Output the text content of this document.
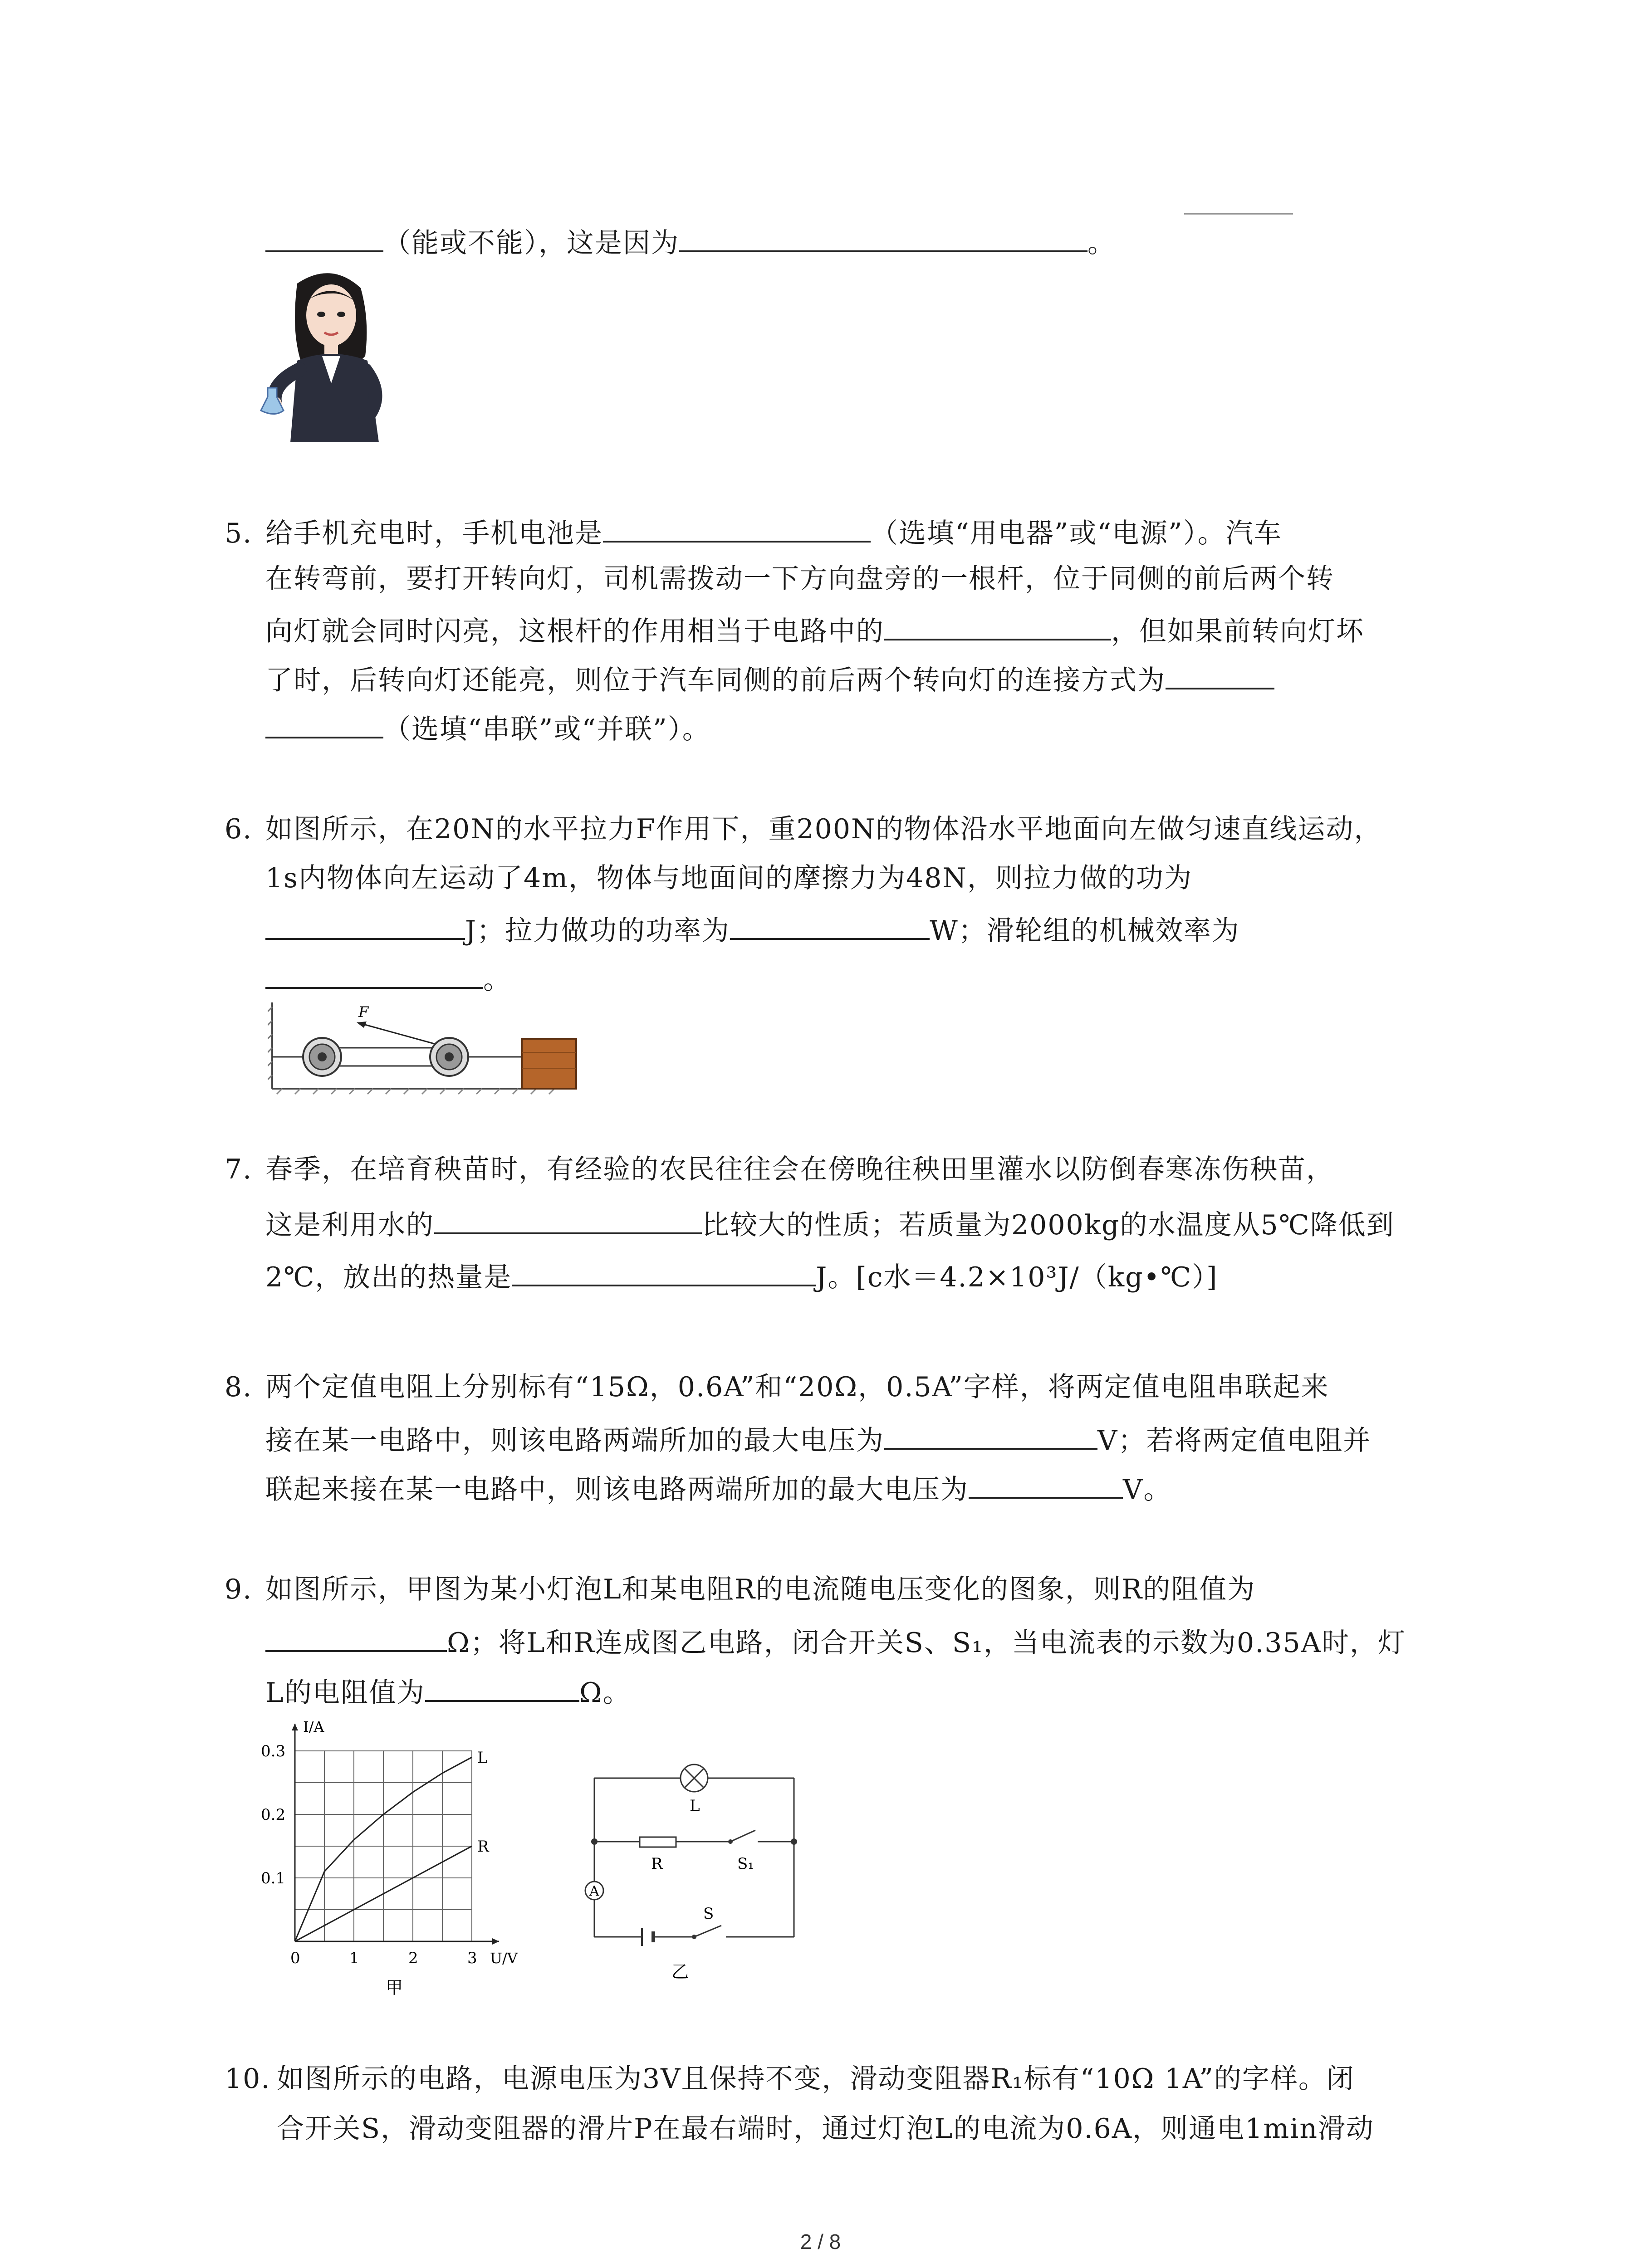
（能或不能），这是因为	。
5. 给手机充电时，手机电池是	（选填“用电器”或“电源”）。汽车
在转弯前，要打开转向灯，司机需拨动一下方向盘旁的一根杆，位于同侧的前后两个转
向灯就会同时闪亮，这根杆的作用相当于电路中的	，但如果前转向灯坏
了时，后转向灯还能亮，则位于汽车同侧的前后两个转向灯的连接方式为
（选填“串联”或“并联”）。
6. 如图所示，在20N的水平拉力F作用下，重200N的物体沿水平地面向左做匀速直线运动，
1s内物体向左运动了4m，物体与地面间的摩擦力为48N，则拉力做的功为
J；拉力做功的功率为	W；滑轮组的机械效率为
。
F
7. 春季，在培育秧苗时，有经验的农民往往会在傍晚往秧田里灌水以防倒春寒冻伤秧苗，
这是利用水的	比较大的性质；若质量为2000kg的水温度从5℃降低到
2℃，放出的热量是	J。[c水＝4.2×10³J/（kg•℃）]
8. 两个定值电阻上分别标有“15Ω，0.6A”和“20Ω，0.5A”字样，将两定值电阻串联起来
接在某一电路中，则该电路两端所加的最大电压为	V；若将两定值电阻并
联起来接在某一电路中，则该电路两端所加的最大电压为	V。
9. 如图所示，甲图为某小灯泡L和某电阻R的电流随电压变化的图象，则R的阻值为
Ω；将L和R连成图乙电路，闭合开关S、S₁，当电流表的示数为0.35A时，灯
L的电阻值为	Ω。
0	1	2	3
0.1
0.2
0.3
I/A
U/V
L
R
甲
L
R	S₁
A
S
乙
10. 如图所示的电路，电源电压为3V且保持不变，滑动变阻器R₁标有“10Ω 1A”的字样。闭
合开关S，滑动变阻器的滑片P在最右端时，通过灯泡L的电流为0.6A，则通电1min滑动
2 / 8
